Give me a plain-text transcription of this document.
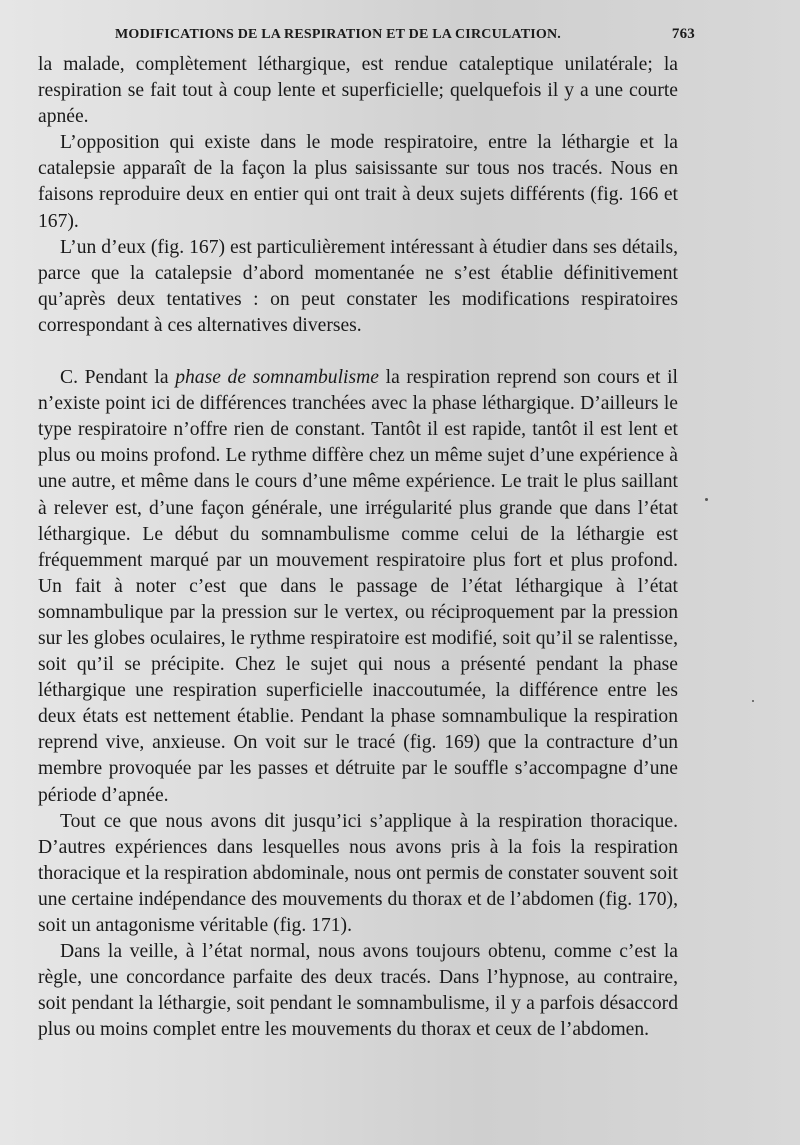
MODIFICATIONS DE LA RESPIRATION ET DE LA CIRCULATION.	763

la malade, complètement léthargique, est rendue cataleptique unilatérale; la respiration se fait tout à coup lente et superficielle; quelquefois il y a une courte apnée.

L’opposition qui existe dans le mode respiratoire, entre la léthargie et la catalepsie apparaît de la façon la plus saisissante sur tous nos tracés. Nous en faisons reproduire deux en entier qui ont trait à deux sujets différents (fig. 166 et 167).

L’un d’eux (fig. 167) est particulièrement intéressant à étudier dans ses détails, parce que la catalepsie d’abord momentanée ne s’est établie définitivement qu’après deux tentatives : on peut constater les modifications respiratoires correspondant à ces alternatives diverses.

C. Pendant la phase de somnambulisme la respiration reprend son cours et il n’existe point ici de différences tranchées avec la phase léthargique. D’ailleurs le type respiratoire n’offre rien de constant. Tantôt il est rapide, tantôt il est lent et plus ou moins profond. Le rythme diffère chez un même sujet d’une expérience à une autre, et même dans le cours d’une même expérience. Le trait le plus saillant à relever est, d’une façon générale, une irrégularité plus grande que dans l’état léthargique. Le début du somnambulisme comme celui de la léthargie est fréquemment marqué par un mouvement respiratoire plus fort et plus profond. Un fait à noter c’est que dans le passage de l’état léthargique à l’état somnambulique par la pression sur le vertex, ou réciproquement par la pression sur les globes oculaires, le rythme respiratoire est modifié, soit qu’il se ralentisse, soit qu’il se précipite. Chez le sujet qui nous a présenté pendant la phase léthargique une respiration superficielle inaccoutumée, la différence entre les deux états est nettement établie. Pendant la phase somnambulique la respiration reprend vive, anxieuse. On voit sur le tracé (fig. 169) que la contracture d’un membre provoquée par les passes et détruite par le souffle s’accompagne d’une période d’apnée.

Tout ce que nous avons dit jusqu’ici s’applique à la respiration thoracique. D’autres expériences dans lesquelles nous avons pris à la fois la respiration thoracique et la respiration abdominale, nous ont permis de constater souvent soit une certaine indépendance des mouvements du thorax et de l’abdomen (fig. 170), soit un antagonisme véritable (fig. 171).

Dans la veille, à l’état normal, nous avons toujours obtenu, comme c’est la règle, une concordance parfaite des deux tracés. Dans l’hypnose, au contraire, soit pendant la léthargie, soit pendant le somnambulisme, il y a parfois désaccord plus ou moins complet entre les mouvements du thorax et ceux de l’abdomen.
